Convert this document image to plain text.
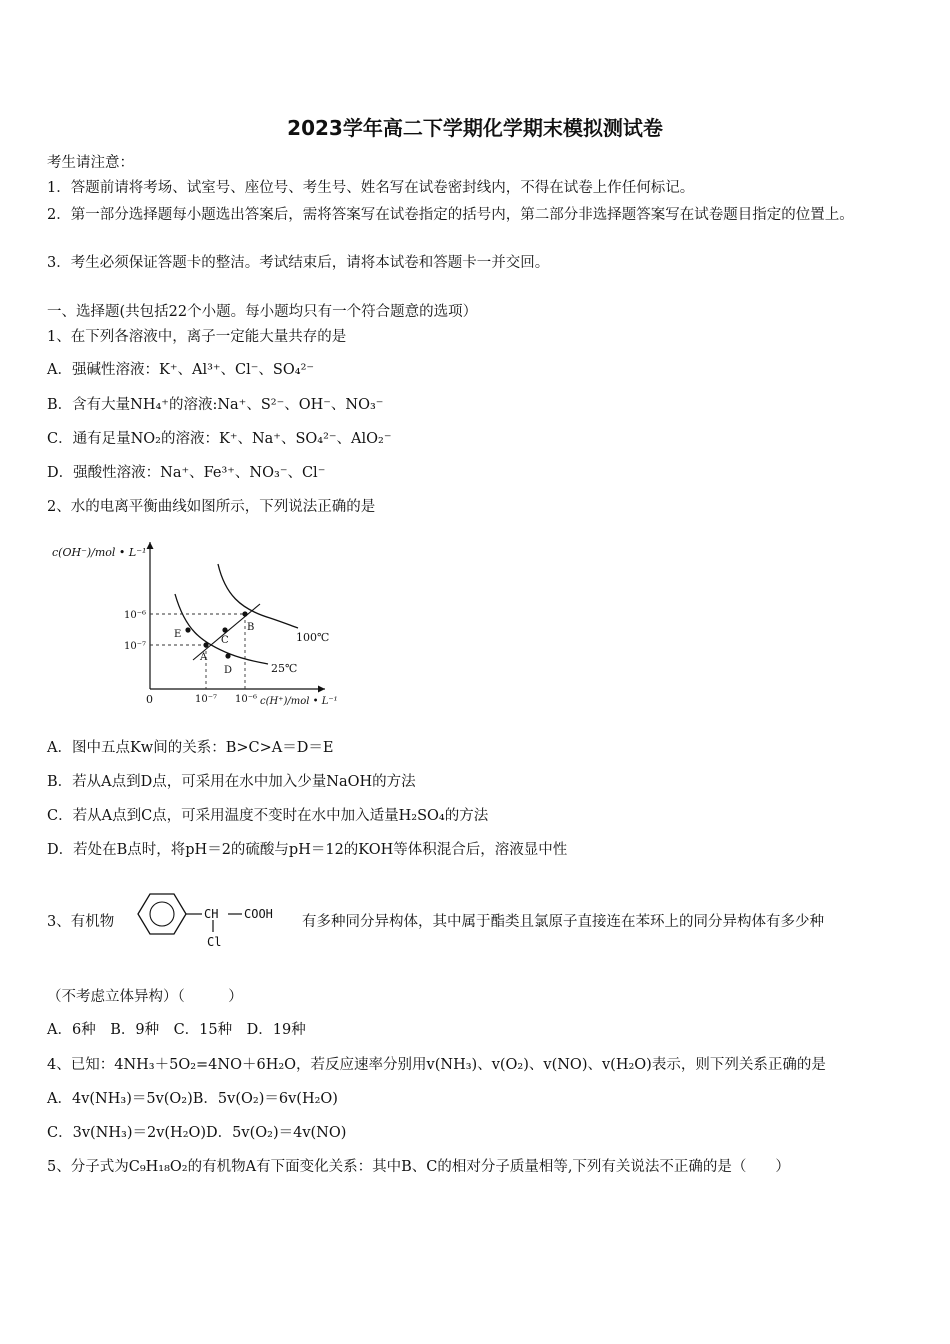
2023学年高二下学期化学期末模拟测试卷
考生请注意：
1．答题前请将考场、试室号、座位号、考生号、姓名写在试卷密封线内，不得在试卷上作任何标记。
2．第一部分选择题每小题选出答案后，需将答案写在试卷指定的括号内，第二部分非选择题答案写在试卷题目指定的位置上。
3．考生必须保证答题卡的整洁。考试结束后，请将本试卷和答题卡一并交回。
一、选择题(共包括22个小题。每小题均只有一个符合题意的选项）
1、在下列各溶液中，离子一定能大量共存的是
A．强碱性溶液：K⁺、Al³⁺、Cl⁻、SO₄²⁻
B．含有大量NH₄⁺的溶液:Na⁺、S²⁻、OH⁻、NO₃⁻
C．通有足量NO₂的溶液：K⁺、Na⁺、SO₄²⁻、AlO₂⁻
D．强酸性溶液：Na⁺、Fe³⁺、NO₃⁻、Cl⁻
2、水的电离平衡曲线如图所示，下列说法正确的是
c(OH⁻)/mol • L⁻¹
c(H⁺)/mol • L⁻¹
0	10⁻⁷ 10⁻⁶
10⁻⁶
10⁻⁷
A
B
C
D
E	100℃
25℃
A．图中五点Kw间的关系：B>C>A＝D＝E
B．若从A点到D点，可采用在水中加入少量NaOH的方法
C．若从A点到C点，可采用温度不变时在水中加入适量H₂SO₄的方法
D．若处在B点时，将pH＝2的硫酸与pH＝12的KOH等体积混合后，溶液显中性
3、有机物	CH COOH
Cl
有多种同分异构体，其中属于酯类且氯原子直接连在苯环上的同分异构体有多少种
（不考虑立体异构）（　　　）
A．6种　B．9种　C．15种　D．19种
4、已知：4NH₃＋5O₂=4NO＋6H₂O，若反应速率分别用v(NH₃)、v(O₂)、v(NO)、v(H₂O)表示，则下列关系正确的是
A．4v(NH₃)＝5v(O₂)B．5v(O₂)＝6v(H₂O)
C．3v(NH₃)＝2v(H₂O)D．5v(O₂)＝4v(NO)
5、分子式为C₉H₁₈O₂的有机物A有下面变化关系：其中B、C的相对分子质量相等,下列有关说法不正确的是（　　）
